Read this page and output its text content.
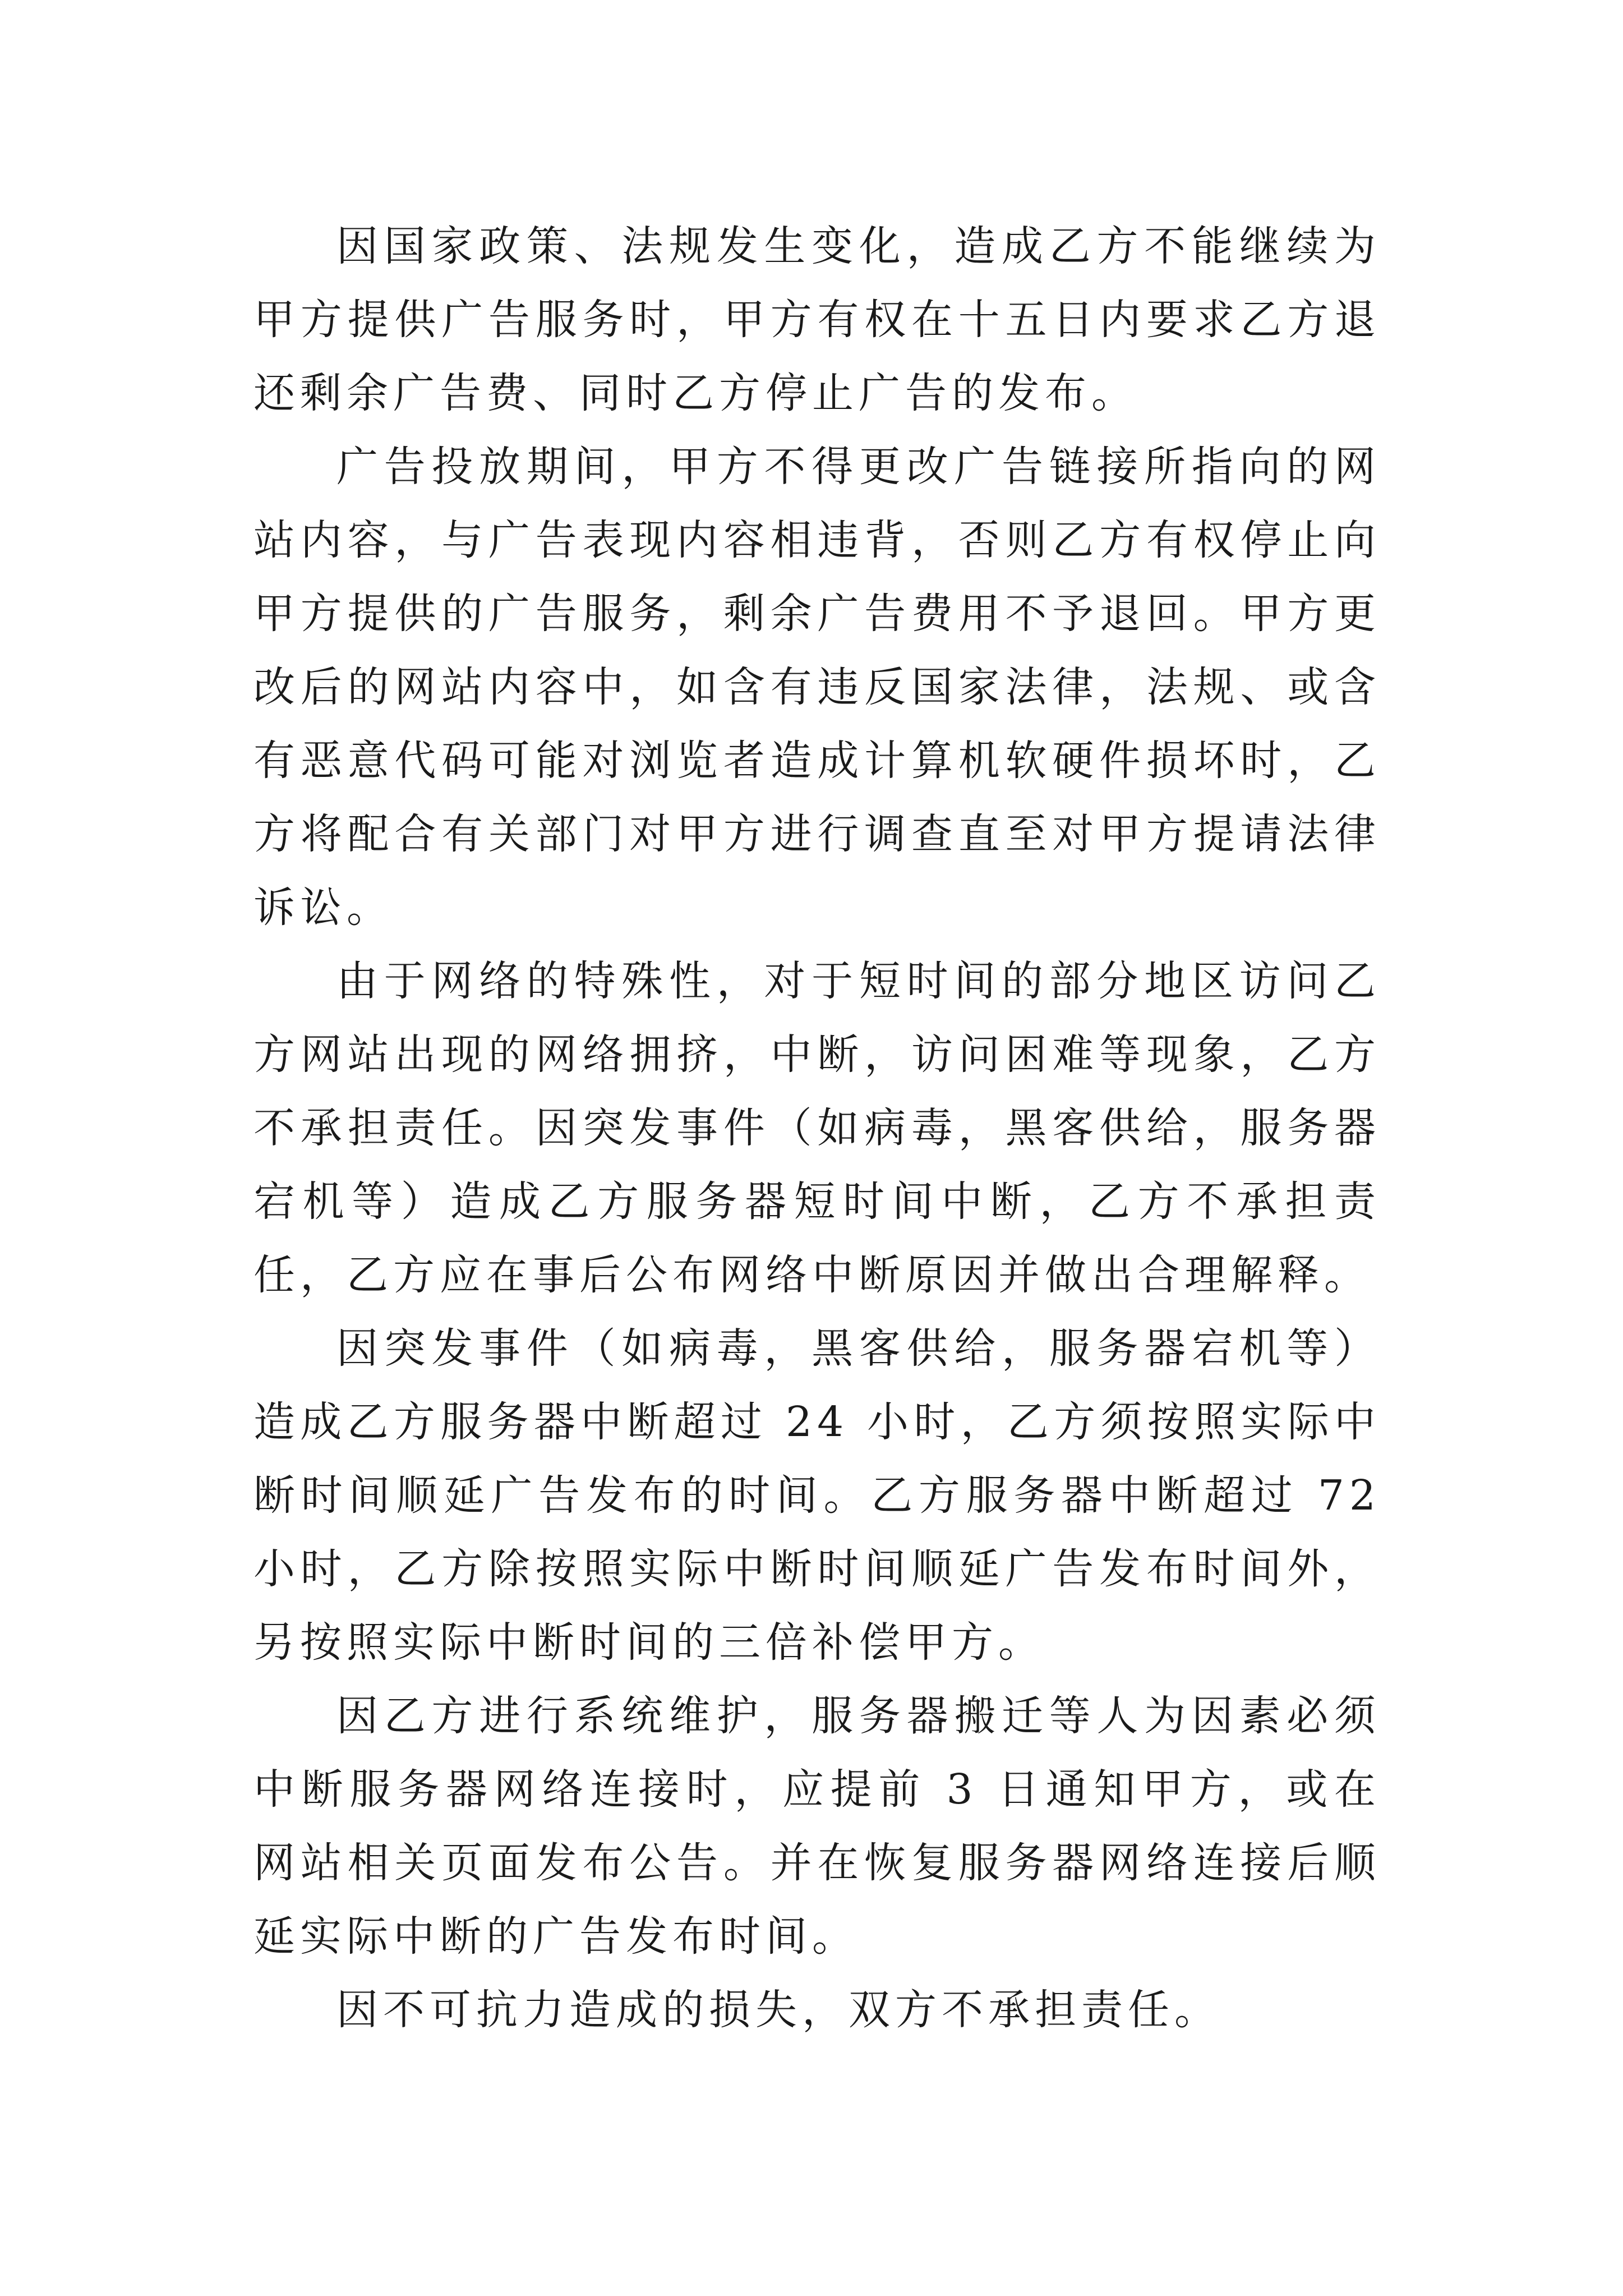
因国家政策、法规发生变化，造成乙方不能继续为甲方提供广告服务时，甲方有权在十五日内要求乙方退还剩余广告费、同时乙方停止广告的发布。

广告投放期间，甲方不得更改广告链接所指向的网站内容，与广告表现内容相违背，否则乙方有权停止向甲方提供的广告服务，剩余广告费用不予退回。甲方更改后的网站内容中，如含有违反国家法律，法规、或含有恶意代码可能对浏览者造成计算机软硬件损坏时，乙方将配合有关部门对甲方进行调查直至对甲方提请法律诉讼。

由于网络的特殊性，对于短时间的部分地区访问乙方网站出现的网络拥挤，中断，访问困难等现象，乙方不承担责任。因突发事件（如病毒，黑客供给，服务器宕机等）造成乙方服务器短时间中断，乙方不承担责任，乙方应在事后公布网络中断原因并做出合理解释。

因突发事件（如病毒，黑客供给，服务器宕机等）造成乙方服务器中断超过 24 小时，乙方须按照实际中断时间顺延广告发布的时间。乙方服务器中断超过 72 小时，乙方除按照实际中断时间顺延广告发布时间外，另按照实际中断时间的三倍补偿甲方。

因乙方进行系统维护，服务器搬迁等人为因素必须中断服务器网络连接时，应提前 3 日通知甲方，或在网站相关页面发布公告。并在恢复服务器网络连接后顺延实际中断的广告发布时间。

因不可抗力造成的损失，双方不承担责任。
